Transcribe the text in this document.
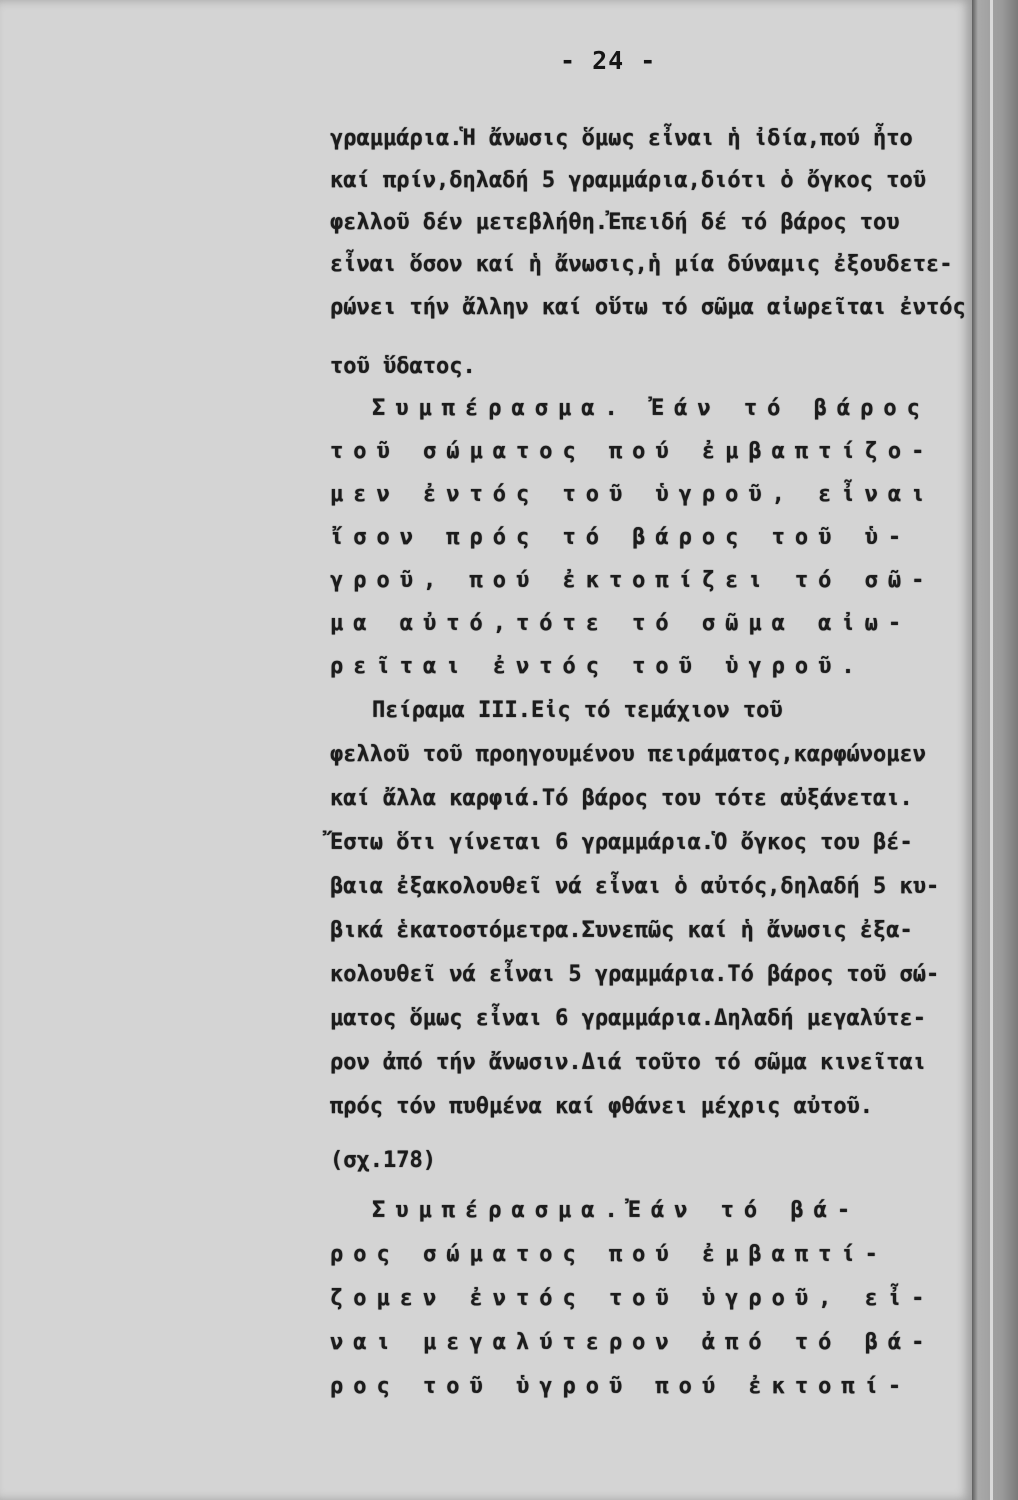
- 24 -
γραμμάρια.Ἡ ἄνωσις ὅμως εἶναι ἡ ἰδία,πού ἦτο
καί πρίν,δηλαδή 5 γραμμάρια,διότι ὁ ὄγκος τοῦ
φελλοῦ δέν μετεβλήθη.Ἐπειδή δέ τό βάρος του
εἶναι ὅσον καί ἡ ἄνωσις,ἡ μία δύναμις ἐξουδετε-
ρώνει τήν ἄλλην καί οὕτω τό σῶμα αἰωρεῖται ἐντός
τοῦ ὕδατος.
Συμπέρασμα. Ἐάν τό βάρος
τοῦ σώματος πού ἐμβαπτίζο-
μεν ἐντός τοῦ ὑγροῦ, εἶναι
ἴσον πρός τό βάρος τοῦ ὑ-
γροῦ, πού ἐκτοπίζει τό σῶ-
μα αὐτό,τότε τό σῶμα αἰω-
ρεῖται ἐντός τοῦ ὑγροῦ.
Πείραμα III.Εἰς τό τεμάχιον τοῦ
φελλοῦ τοῦ προηγουμένου πειράματος,καρφώνομεν
καί ἄλλα καρφιά.Τό βάρος του τότε αὐξάνεται.
Ἔστω ὅτι γίνεται 6 γραμμάρια.Ὁ ὄγκος του βέ-
βαια ἐξακολουθεῖ νά εἶναι ὁ αὐτός,δηλαδή 5 κυ-
βικά ἑκατοστόμετρα.Συνεπῶς καί ἡ ἄνωσις ἐξα-
κολουθεῖ νά εἶναι 5 γραμμάρια.Τό βάρος τοῦ σώ-
ματος ὅμως εἶναι 6 γραμμάρια.Δηλαδή μεγαλύτε-
ρον ἀπό τήν ἄνωσιν.Διά τοῦτο τό σῶμα κινεῖται
πρός τόν πυθμένα καί φθάνει μέχρις αὐτοῦ.
(σχ.178)
Συμπέρασμα.Ἐάν τό βά-
ρος σώματος πού ἐμβαπτί-
ζομεν ἐντός τοῦ ὑγροῦ, εἶ-
ναι μεγαλύτερον ἀπό τό βά-
ρος τοῦ ὑγροῦ πού ἐκτοπί-
